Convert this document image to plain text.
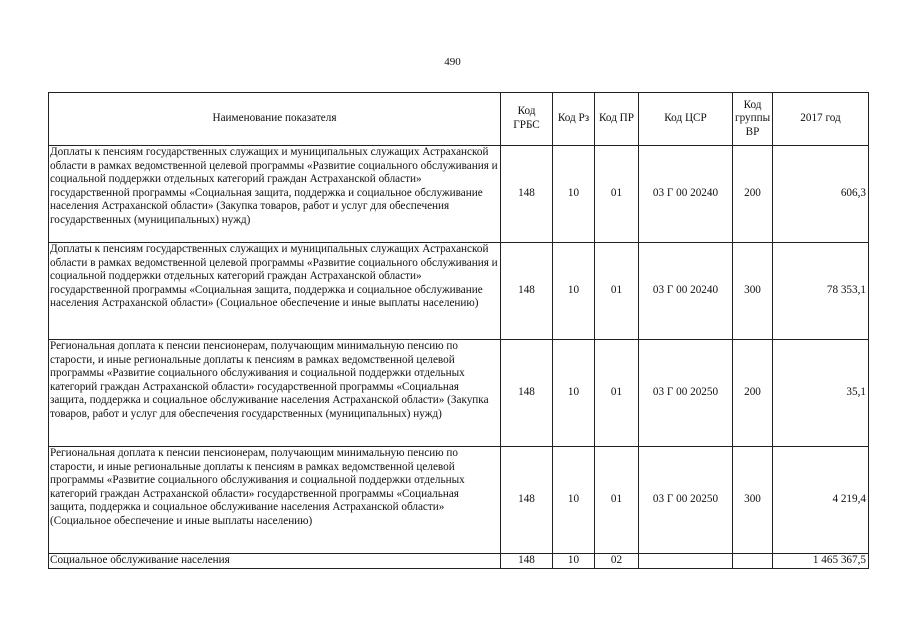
490
Наименование показателя	Код ГРБС	Код Рз	Код ПР	Код ЦСР	Код группы ВР	2017 год
Доплаты к пенсиям государственных служащих и муниципальных служащих Астраханской области в рамках ведомственной целевой программы «Развитие социального обслуживания и социальной поддержки отдельных категорий граждан Астраханской области» государственной программы «Социальная защита, поддержка и социальное обслуживание населения Астраханской области» (Закупка товаров, работ и услуг для обеспечения государственных (муниципальных) нужд)	148	10	01	03 Г 00 20240	200	606,3
Доплаты к пенсиям государственных служащих и муниципальных служащих Астраханской области в рамках ведомственной целевой программы «Развитие социального обслуживания и социальной поддержки отдельных категорий граждан Астраханской области» государственной программы «Социальная защита, поддержка и социальное обслуживание населения Астраханской области» (Социальное обеспечение и иные выплаты населению)	148	10	01	03 Г 00 20240	300	78 353,1
Региональная доплата к пенсии пенсионерам, получающим минимальную пенсию по старости, и иные региональные доплаты к пенсиям в рамках ведомственной целевой программы «Развитие социального обслуживания и социальной поддержки отдельных категорий граждан Астраханской области» государственной программы «Социальная защита, поддержка и социальное обслуживание населения Астраханской области» (Закупка товаров, работ и услуг для обеспечения государственных (муниципальных) нужд)	148	10	01	03 Г 00 20250	200	35,1
Региональная доплата к пенсии пенсионерам, получающим минимальную пенсию по старости, и иные региональные доплаты к пенсиям в рамках ведомственной целевой программы «Развитие социального обслуживания и социальной поддержки отдельных категорий граждан Астраханской области» государственной программы «Социальная защита, поддержка и социальное обслуживание населения Астраханской области» (Социальное обеспечение и иные выплаты населению)	148	10	01	03 Г 00 20250	300	4 219,4
Социальное обслуживание населения	148	10	02			1 465 367,5
